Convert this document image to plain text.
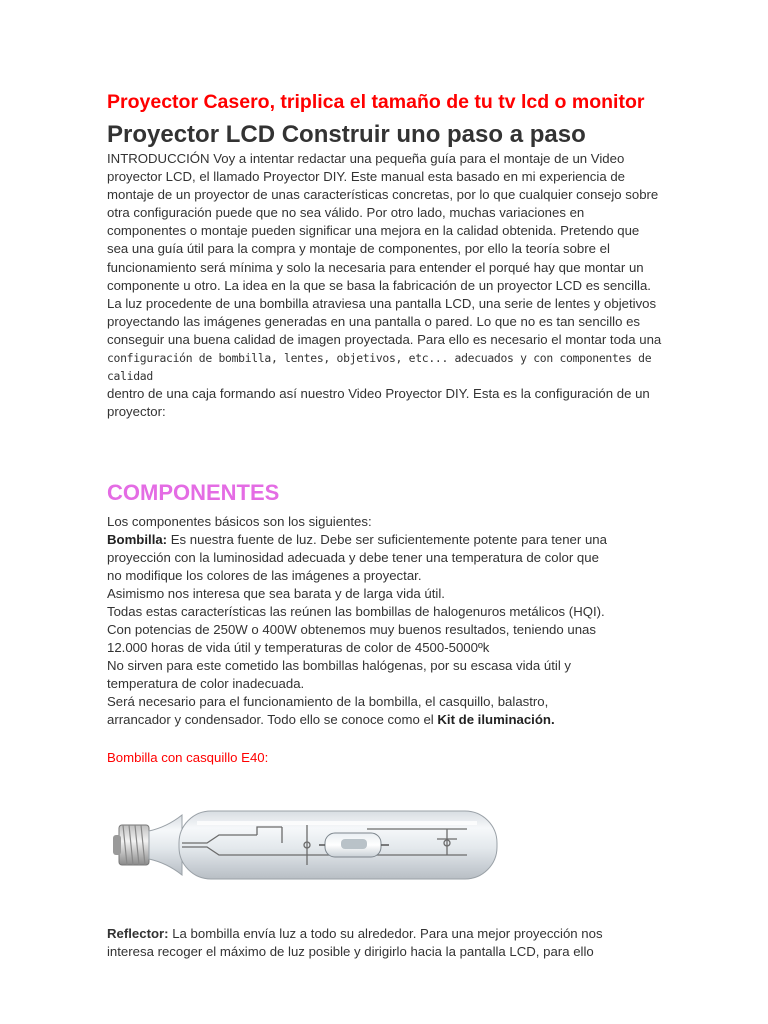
Proyector Casero, triplica el tamaño de tu tv lcd o monitor
Proyector LCD Construir uno paso a paso
INTRODUCCIÓN Voy a intentar redactar una pequeña guía para el montaje de un Video
proyector LCD, el llamado Proyector DIY. Este manual esta basado en mi experiencia de
montaje de un proyector de unas características concretas, por lo que cualquier consejo sobre
otra configuración puede que no sea válido. Por otro lado, muchas variaciones en
componentes o montaje pueden significar una mejora en la calidad obtenida. Pretendo que
sea una guía útil para la compra y montaje de componentes, por ello la teoría sobre el
funcionamiento será mínima y solo la necesaria para entender el porqué hay que montar un
componente u otro. La idea en la que se basa la fabricación de un proyector LCD es sencilla.
La luz procedente de una bombilla atraviesa una pantalla LCD, una serie de lentes y objetivos
proyectando las imágenes generadas en una pantalla o pared. Lo que no es tan sencillo es
conseguir una buena calidad de imagen proyectada. Para ello es necesario el montar toda una
configuración de bombilla, lentes, objetivos, etc... adecuados y con componentes de calidad
dentro de una caja formando así nuestro Video Proyector DIY. Esta es la configuración de un
proyector:
COMPONENTES
Los componentes básicos son los siguientes:
Bombilla: Es nuestra fuente de luz. Debe ser suficientemente potente para tener una
proyección con la luminosidad adecuada y debe tener una temperatura de color que
no modifique los colores de las imágenes a proyectar.
Asimismo nos interesa que sea barata y de larga vida útil.
Todas estas características las reúnen las bombillas de halogenuros metálicos (HQI).
Con potencias de 250W o 400W obtenemos muy buenos resultados, teniendo unas
12.000 horas de vida útil y temperaturas de color de 4500-5000ºk
No sirven para este cometido las bombillas halógenas, por su escasa vida útil y
temperatura de color inadecuada.
Será necesario para el funcionamiento de la bombilla, el casquillo, balastro,
arrancador y condensador. Todo ello se conoce como el Kit de iluminación.
Bombilla con casquillo E40:
Reflector: La bombilla envía luz a todo su alrededor. Para una mejor proyección nos
interesa recoger el máximo de luz posible y dirigirlo hacia la pantalla LCD, para ello
